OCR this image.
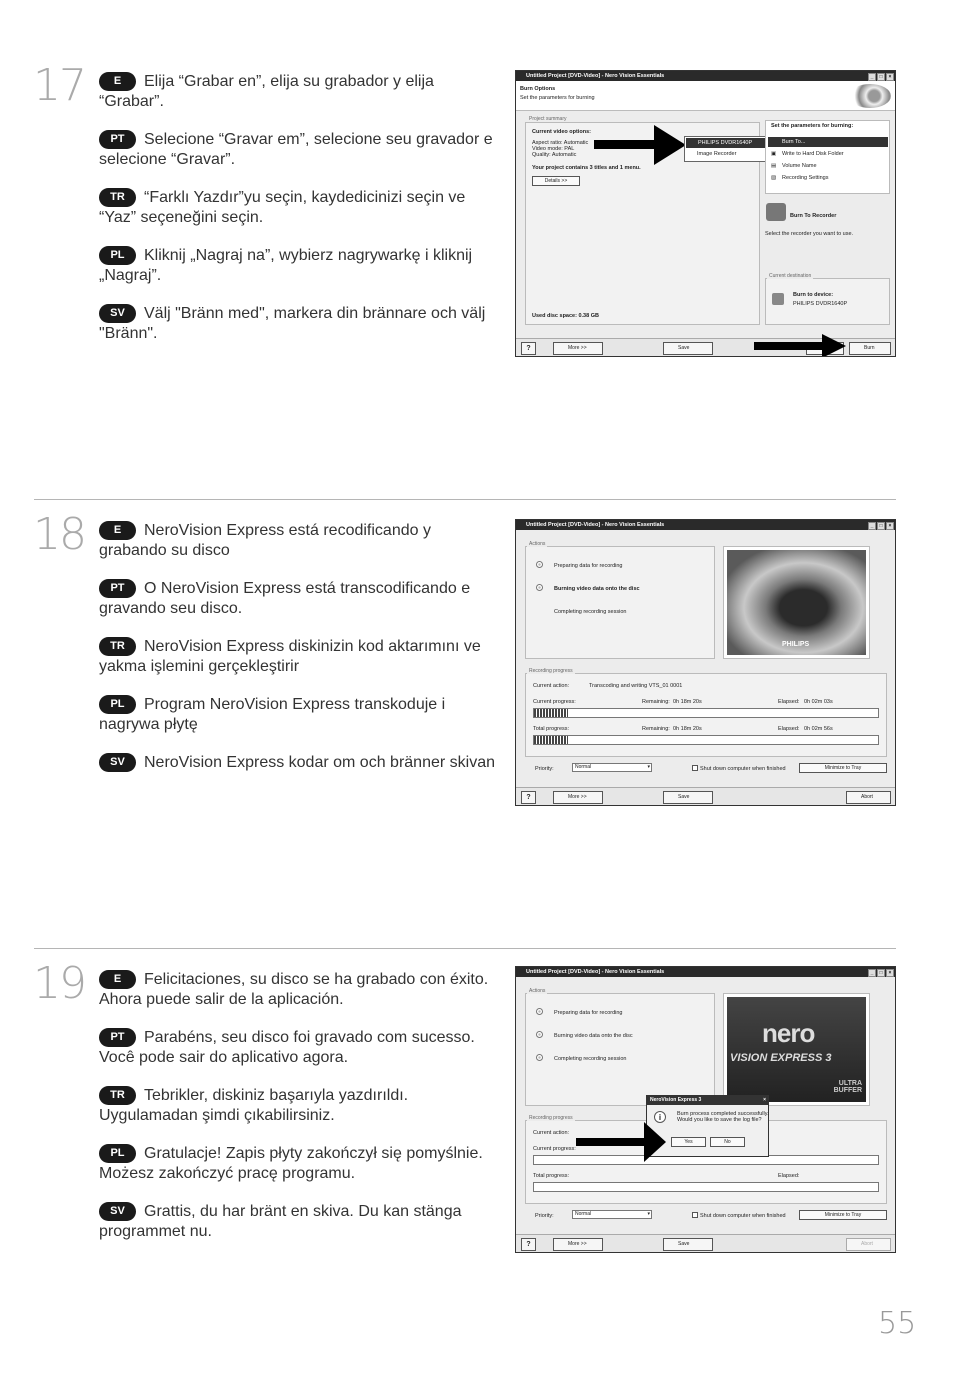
17	E Elija “Grabar en”, elija su grabador y elija “Grabar”.
PT Selecione “Gravar em”, selecione seu gravador e selecione “Gravar”.
TR “Farklı Yazdır”yu seçin, kaydedicinizi seçin ve “Yaz” seçeneğini seçin.
PL Kliknij „Nagraj na”, wybierz nagrywarkę i kliknij „Nagraj”.
SV Välj "Bränn med", markera din brännare och välj "Bränn".
Untitled Project [DVD-Video] - Nero Vision Essentials	_ □ ×
Burn Options
Set the parameters for burning
Project summary
Current video options:
Aspect ratio: Automatic
Video mode: PAL
Quality: Automatic
Your project contains 3 titles and 1 menu.
Details >>
Used disc space: 0.38 GB
PHILIPS DVDR1640P
Image Recorder
Set the parameters for burning:
Burn To...
Write to Hard Disk Folder
Volume Name
Recording Settings
▣
▤
▧
Burn To Recorder
Select the recorder you want to use.
Current destination
Burn to device:
PHILIPS DVDR1640P
?	More >>	Save	Burn
18	E NeroVision Express está recodificando y grabando su disco
PT O NeroVision Express está transcodificando e gravando seu disco.
TR NeroVision Express diskinizin kod aktarımını ve yakma işlemini gerçekleştirir
PL Program NeroVision Express transkoduje i nagrywa płytę
SV NeroVision Express kodar om och bränner skivan
Untitled Project [DVD-Video] - Nero Vision Essentials	_ □ ×
Actions
Preparing data for recording
Burning video data onto the disc
Completing recording session
PHILIPS
Recording progress
Current action:	Transcoding and writing VTS_01 0001
Current progress:	Remaining: 0h 18m 20s	Elapsed: 0h 02m 03s
Total progress:	Remaining: 0h 18m 20s	Elapsed: 0h 02m 56s
Priority:	Normal	▾	Shut down computer when finished	Minimize to Tray
?	More >>	Save	Abort
19	E Felicitaciones, su disco se ha grabado con éxito. Ahora puede salir de la aplicación.
PT Parabéns, seu disco foi gravado com sucesso. Você pode sair do aplicativo agora.
TR Tebrikler, diskiniz başarıyla yazdırıldı. Uygulamadan şimdi çıkabilirsiniz.
PL Gratulacje! Zapis płyty zakończył się pomyślnie. Możesz zakończyć pracę programu.
SV Grattis, du har bränt en skiva. Du kan stänga programmet nu.
Untitled Project [DVD-Video] - Nero Vision Essentials	_ □ ×
Actions
Preparing data for recording
Burning video data onto the disc
Completing recording session
nero
VISION EXPRESS 3
ULTRA BUFFER
Recording progress
Current action:
Current progress:
Total progress:	Elapsed:
Priority:	Normal	▾	Shut down computer when finished	Minimize to Tray
NeroVision Express 3	×
i	Burn process completed successfully.
Would you like to save the log file?
Yes	No
?	More >>	Save	Abort
55
